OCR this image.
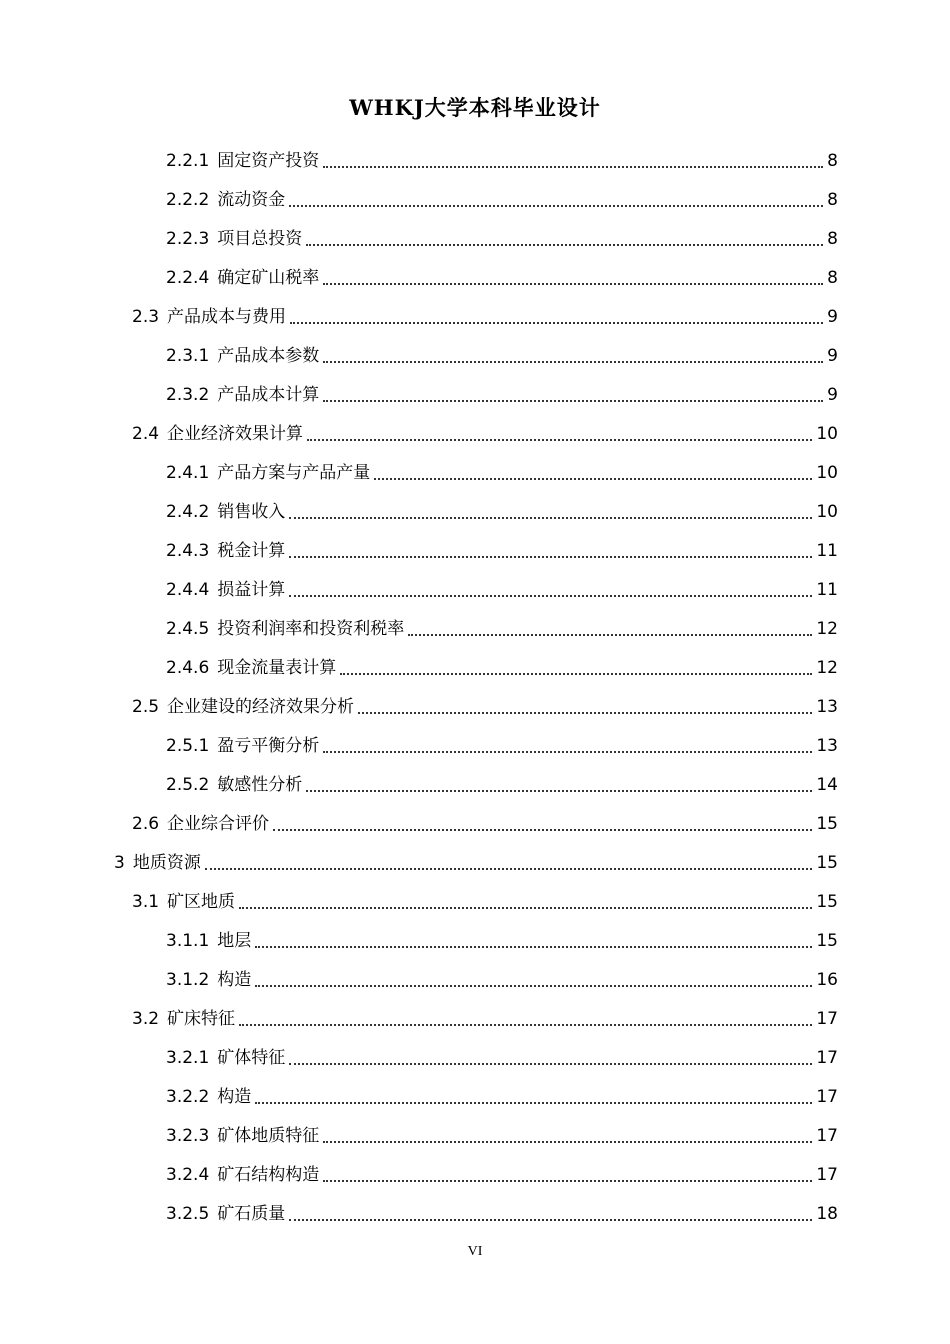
WHKJ大学本科毕业设计
2.2.1 固定资产投资	8
2.2.2 流动资金	8
2.2.3 项目总投资	8
2.2.4 确定矿山税率	8
2.3 产品成本与费用	9
2.3.1 产品成本参数	9
2.3.2 产品成本计算	9
2.4 企业经济效果计算	10
2.4.1 产品方案与产品产量	10
2.4.2 销售收入	10
2.4.3 税金计算	11
2.4.4 损益计算	11
2.4.5 投资利润率和投资利税率	12
2.4.6 现金流量表计算	12
2.5 企业建设的经济效果分析	13
2.5.1 盈亏平衡分析	13
2.5.2 敏感性分析	14
2.6 企业综合评价	15
3 地质资源	15
3.1 矿区地质	15
3.1.1 地层	15
3.1.2 构造	16
3.2 矿床特征	17
3.2.1 矿体特征	17
3.2.2 构造	17
3.2.3 矿体地质特征	17
3.2.4 矿石结构构造	17
3.2.5 矿石质量	18
VI
